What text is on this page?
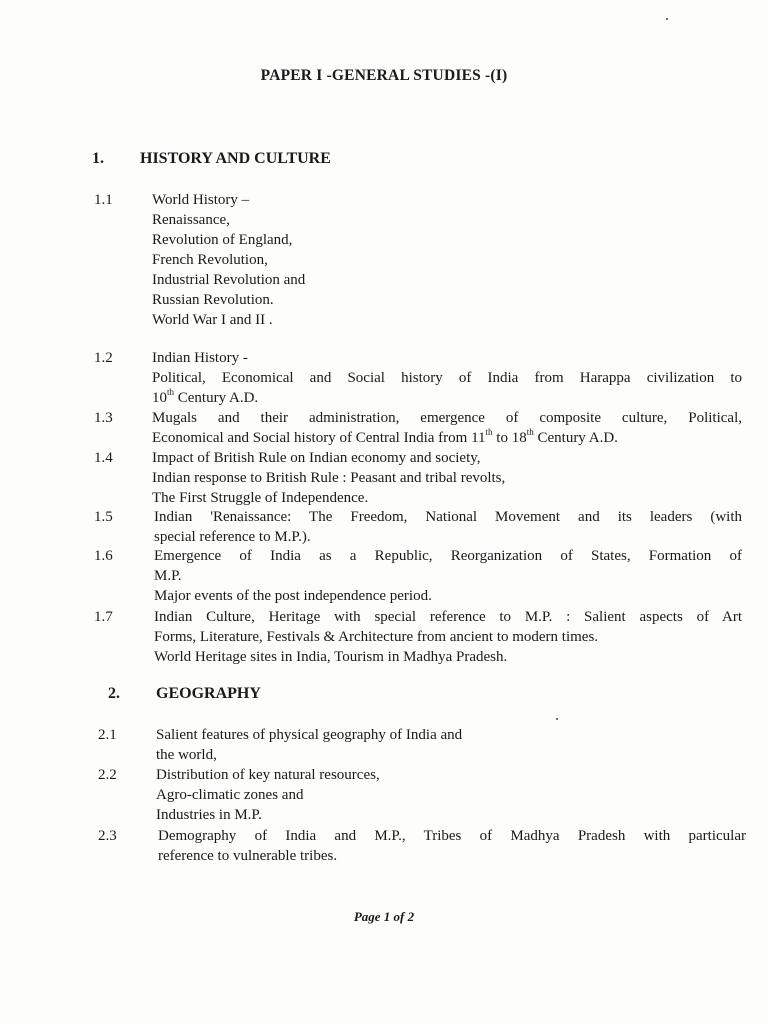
PAPER I -GENERAL STUDIES -(I)
1. HISTORY AND CULTURE
1.1	World History –
Renaissance,
Revolution of England,
French Revolution,
Industrial Revolution and
Russian Revolution.
World War I and II .
1.2	Indian History -
Political, Economical and Social history of India from Harappa civilization to
10th Century A.D.
1.3	Mugals and their administration, emergence of composite culture, Political,
Economical and Social history of Central India from 11th to 18th Century A.D.
1.4	Impact of British Rule on Indian economy and society,
Indian response to British Rule : Peasant and tribal revolts,
The First Struggle of Independence.
1.5	Indian 'Renaissance: The Freedom, National Movement and its leaders (with
special reference to M.P.).
1.6	Emergence of India as a Republic, Reorganization of States, Formation of
M.P.
Major events of the post independence period.
1.7	Indian Culture, Heritage with special reference to M.P. : Salient aspects of Art
Forms, Literature, Festivals & Architecture from ancient to modern times.
World Heritage sites in India, Tourism in Madhya Pradesh.
2. GEOGRAPHY
2.1	Salient features of physical geography of India and
the world,
2.2	Distribution of key natural resources,
Agro-climatic zones and
Industries in M.P.
2.3	Demography of India and M.P., Tribes of Madhya Pradesh with particular
reference to vulnerable tribes.
Page 1 of 2
